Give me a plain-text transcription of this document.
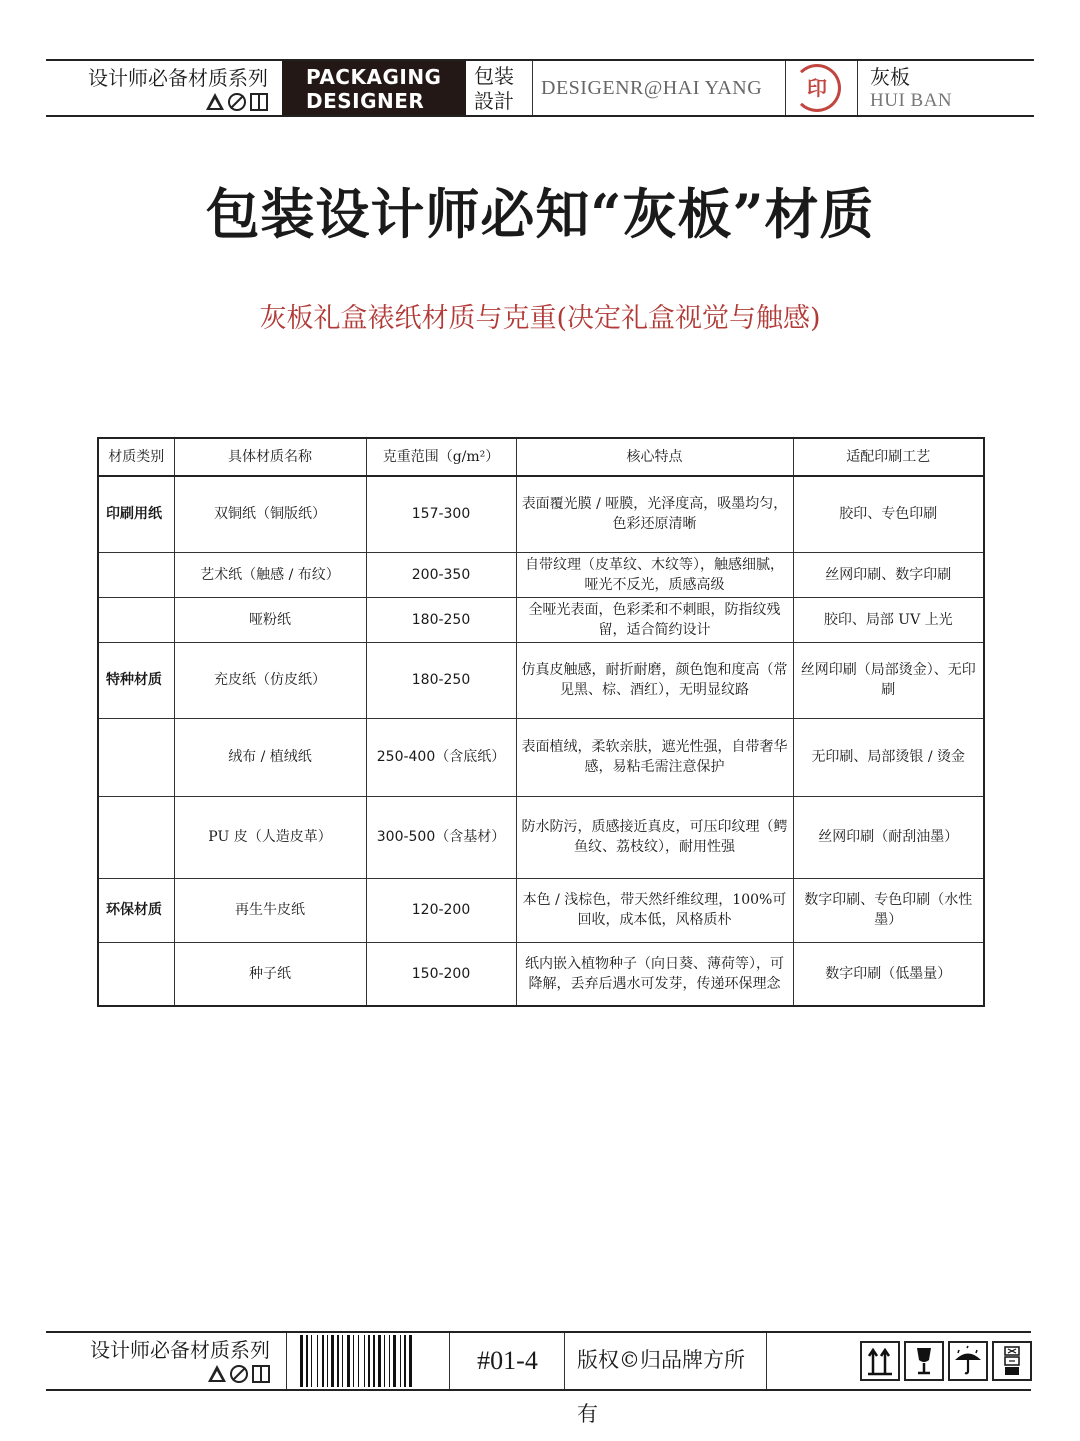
设计师必备材质系列 PACKAGING
DESIGNER
包装
設計
DESIGENR@HAI YANG	印 灰板
HUI BAN
包装设计师必知“灰板”材质
灰板礼盒裱纸材质与克重(决定礼盒视觉与触感)
材质类别	具体材质名称	克重范围（g/m²）	核心特点	适配印刷工艺
印刷用纸	双铜纸（铜版纸）	157-300	表面覆光膜 / 哑膜，光泽度高，吸墨均匀，色彩还原清晰	胶印、专色印刷
	艺术纸（触感 / 布纹）	200-350	自带纹理（皮革纹、木纹等），触感细腻，哑光不反光，质感高级	丝网印刷、数字印刷
	哑粉纸	180-250	全哑光表面，色彩柔和不刺眼，防指纹残留，适合简约设计	胶印、局部 UV 上光
特种材质	充皮纸（仿皮纸）	180-250	仿真皮触感，耐折耐磨，颜色饱和度高（常见黑、棕、酒红），无明显纹路	丝网印刷（局部烫金）、无印刷
	绒布 / 植绒纸	250-400（含底纸）	表面植绒，柔软亲肤，遮光性强，自带奢华感，易粘毛需注意保护	无印刷、局部烫银 / 烫金
	PU 皮（人造皮革）	300-500（含基材）	防水防污，质感接近真皮，可压印纹理（鳄鱼纹、荔枝纹），耐用性强	丝网印刷（耐刮油墨）
环保材质	再生牛皮纸	120-200	本色 / 浅棕色，带天然纤维纹理，100%可回收，成本低，风格质朴	数字印刷、专色印刷（水性墨）
	种子纸	150-200	纸内嵌入植物种子（向日葵、薄荷等），可降解，丢弃后遇水可发芽，传递环保理念	数字印刷（低墨量）
设计师必备材质系列	#01-4	版权©归品牌方所有
